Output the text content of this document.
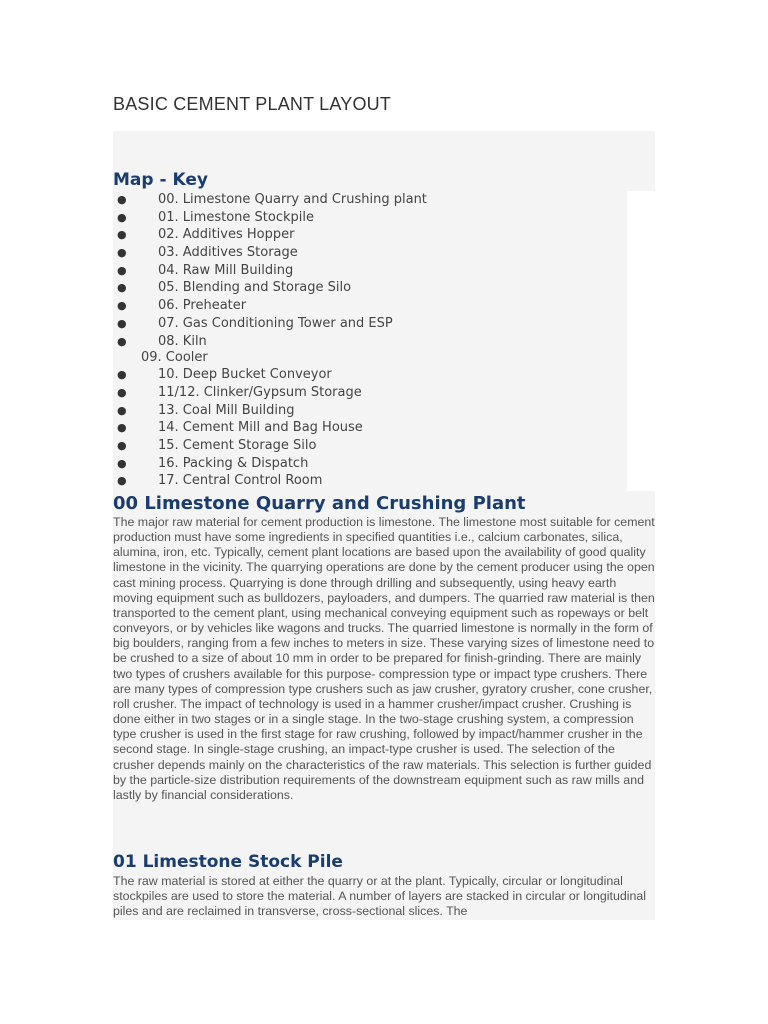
BASIC CEMENT PLANT LAYOUT
Map - Key
● 00. Limestone Quarry and Crushing plant
● 01. Limestone Stockpile
● 02. Additives Hopper
● 03. Additives Storage
● 04. Raw Mill Building
● 05. Blending and Storage Silo
● 06. Preheater
● 07. Gas Conditioning Tower and ESP
● 08. Kiln
09. Cooler
● 10. Deep Bucket Conveyor
● 11/12. Clinker/Gypsum Storage
● 13. Coal Mill Building
● 14. Cement Mill and Bag House
● 15. Cement Storage Silo
● 16. Packing & Dispatch
● 17. Central Control Room
00 Limestone Quarry and Crushing Plant

The major raw material for cement production is limestone. The limestone most suitable for cement production must have some ingredients in specified quantities i.e., calcium carbonates, silica, alumina, iron, etc. Typically, cement plant locations are based upon the availability of good quality limestone in the vicinity. The quarrying operations are done by the cement producer using the open cast mining process. Quarrying is done through drilling and subsequently, using heavy earth moving equipment such as bulldozers, payloaders, and dumpers. The quarried raw material is then transported to the cement plant, using mechanical conveying equipment such as ropeways or belt conveyors, or by vehicles like wagons and trucks. The quarried limestone is normally in the form of big boulders, ranging from a few inches to meters in size. These varying sizes of limestone need to be crushed to a size of about 10 mm in order to be prepared for finish-grinding. There are mainly two types of crushers available for this purpose- compression type or impact type crushers. There are many types of compression type crushers such as jaw crusher, gyratory crusher, cone crusher, roll crusher. The impact of technology is used in a hammer crusher/impact crusher. Crushing is done either in two stages or in a single stage. In the two-stage crushing system, a compression type crusher is used in the first stage for raw crushing, followed by impact/hammer crusher in the second stage. In single-stage crushing, an impact-type crusher is used. The selection of the crusher depends mainly on the characteristics of the raw materials. This selection is further guided by the particle-size distribution requirements of the downstream equipment such as raw mills and lastly by financial considerations.

01 Limestone Stock Pile

The raw material is stored at either the quarry or at the plant. Typically, circular or longitudinal stockpiles are used to store the material. A number of layers are stacked in circular or longitudinal piles and are reclaimed in transverse, cross-sectional slices. The
